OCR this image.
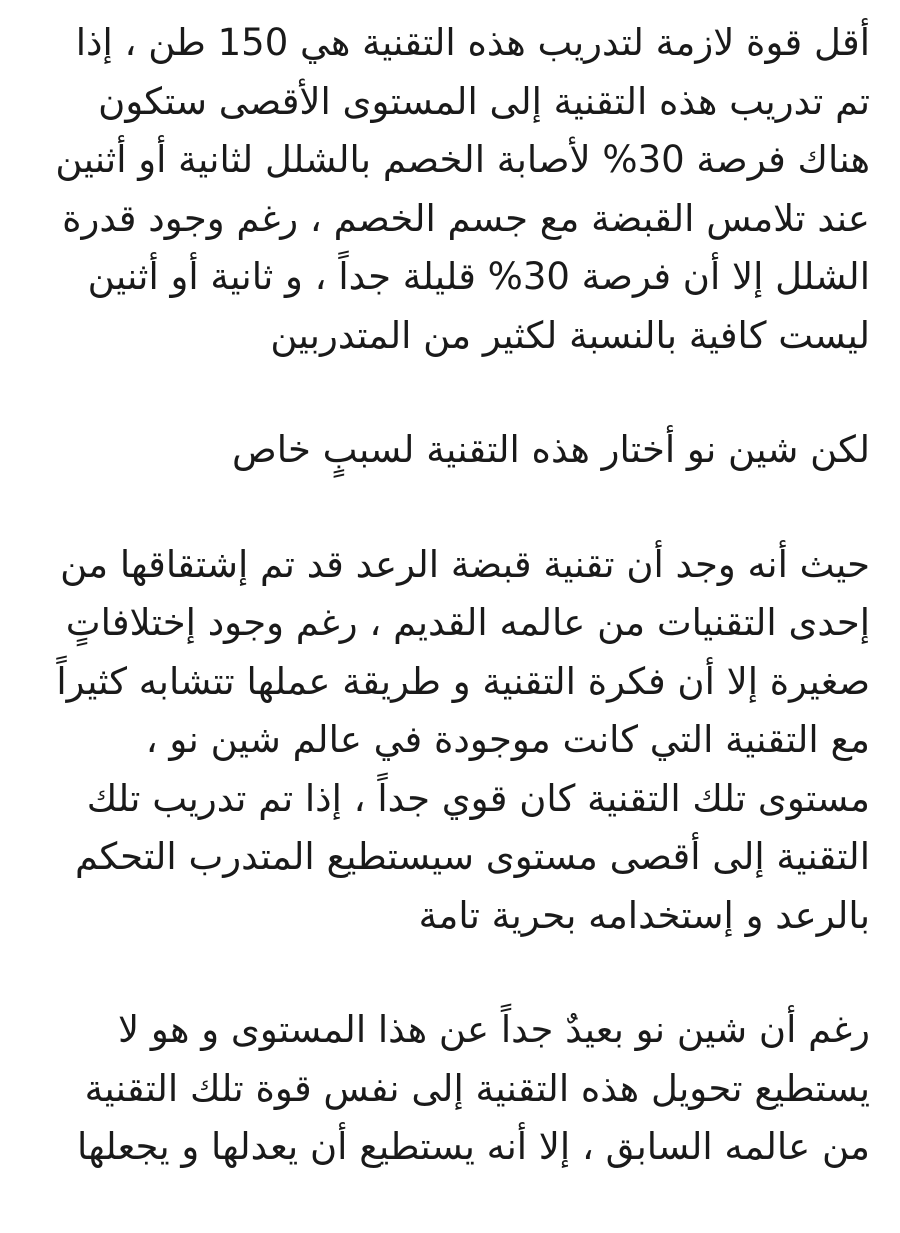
أقل قوة لازمة لتدريب هذه التقنية هي 150 طن ، إذا
تم تدريب هذه التقنية إلى المستوى الأقصى ستكون
هناك فرصة 30% لأصابة الخصم بالشلل لثانية أو أثنين
عند تلامس القبضة مع جسم الخصم ، رغم وجود قدرة
الشلل إلا أن فرصة 30% قليلة جداً ، و ثانية أو أثنين
ليست كافية بالنسبة لكثير من المتدربين
لكن شين نو أختار هذه التقنية لسببٍ خاص
حيث أنه وجد أن تقنية قبضة الرعد قد تم إشتقاقها من
إحدى التقنيات من عالمه القديم ، رغم وجود إختلافاتٍ
صغيرة إلا أن فكرة التقنية و طريقة عملها تتشابه كثيراً
مع التقنية التي كانت موجودة في عالم شين نو ،
مستوى تلك التقنية كان قوي جداً ، إذا تم تدريب تلك
التقنية إلى أقصى مستوى سيستطيع المتدرب التحكم
بالرعد و إستخدامه بحرية تامة
رغم أن شين نو بعيدٌ جداً عن هذا المستوى و هو لا
يستطيع تحويل هذه التقنية إلى نفس قوة تلك التقنية
من عالمه السابق ، إلا أنه يستطيع أن يعدلها و يجعلها
